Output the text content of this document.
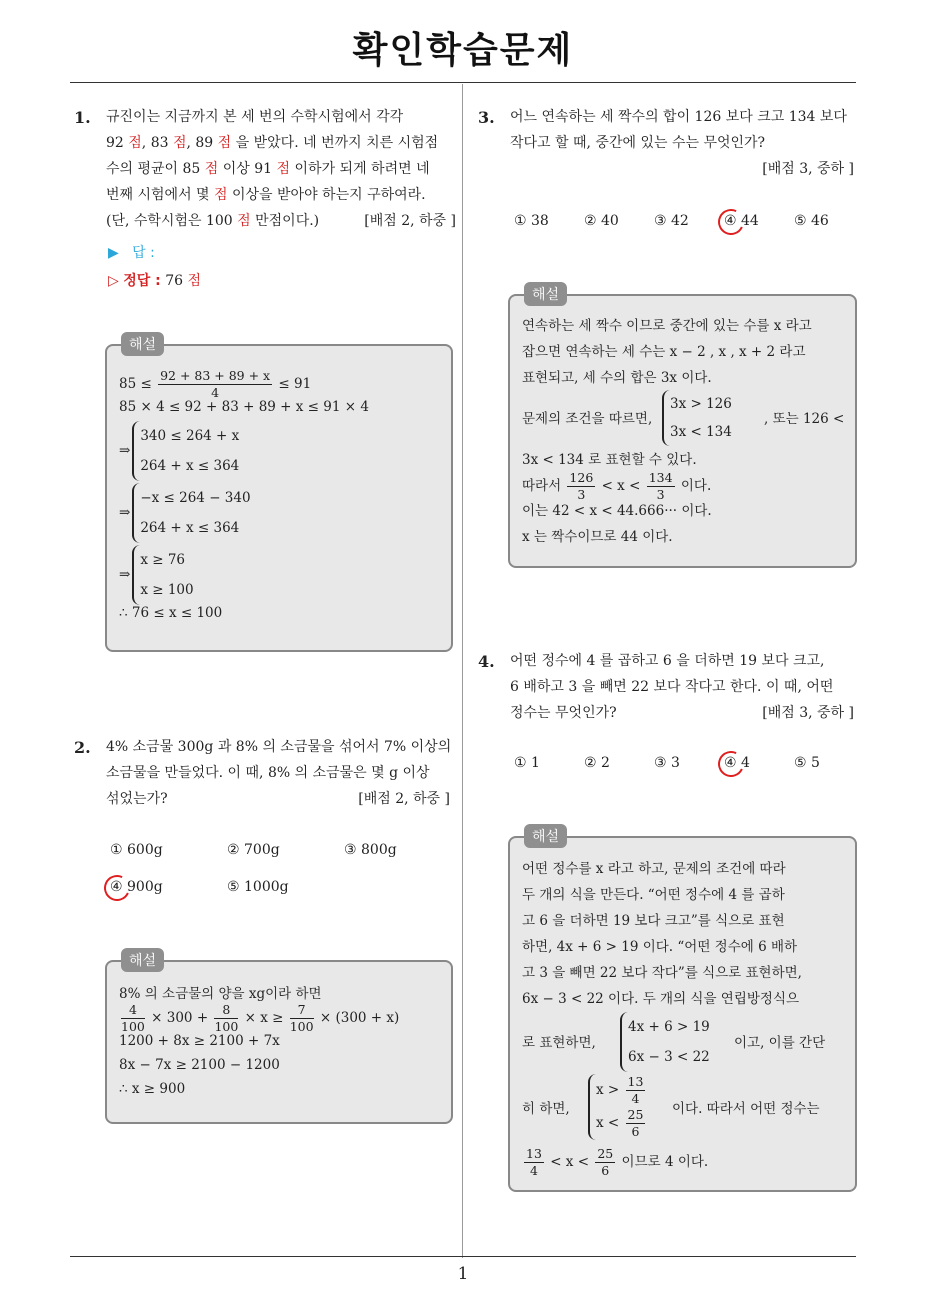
확인학습문제
1
1. 규진이는 지금까지 본 세 번의 수학시험에서 각각
92 점, 83 점, 89 점 을 받았다. 네 번까지 치른 시험점
수의 평균이 85 점 이상 91 점 이하가 되게 하려면 네
번째 시험에서 몇 점 이상을 받아야 하는지 구하여라.
(단, 수학시험은 100 점 만점이다.)	[배점 2, 하중 ]
▶ 답 :
▷ 정답 : 76 점
해설
$85 \le \frac{92 + 83 + 89 + x}{4} \le 91$
85 × 4 ≤ 92 + 83 + 89 + x ≤ 91 × 4
⇒
340 ≤ 264 + x
264 + x ≤ 364
⇒
−x ≤ 264 − 340
264 + x ≤ 364
⇒
x ≥ 76
x ≥ 100
∴ 76 ≤ x ≤ 100
2. 4% 소금물 300g 과 8% 의 소금물을 섞어서 7% 이상의
소금물을 만들었다. 이 때, 8% 의 소금물은 몇 g 이상
섞었는가?	[배점 2, 하중 ]
① 600g	② 700g	③ 800g
④ 900g	⑤ 1000g
해설
8% 의 소금물의 양을 xg이라 하면
$\frac{4}{100} \times 300 + \frac{8}{100} \times x \ge \frac{7}{100} \times (300 + x)$
1200 + 8x ≥ 2100 + 7x
8x − 7x ≥ 2100 − 1200
∴ x ≥ 900
3. 어느 연속하는 세 짝수의 합이 126 보다 크고 134 보다
작다고 할 때, 중간에 있는 수는 무엇인가?
[배점 3, 중하 ]
① 38	② 40	③ 42	④ 44	⑤ 46
해설
연속하는 세 짝수 이므로 중간에 있는 수를 x 라고
잡으면 연속하는 세 수는 x − 2 , x , x + 2 라고
표현되고, 세 수의 합은 3x 이다.
문제의 조건을 따르면,
3x > 126
3x < 134
, 또는 126 <
3x < 134 로 표현할 수 있다.
따라서 $\frac{126}{3} < x < \frac{134}{3}$ 이다.
이는 42 < x < 44.666··· 이다.
x 는 짝수이므로 44 이다.
4. 어떤 정수에 4 를 곱하고 6 을 더하면 19 보다 크고,
6 배하고 3 을 빼면 22 보다 작다고 한다. 이 때, 어떤
정수는 무엇인가?	[배점 3, 중하 ]
① 1	② 2	③ 3	④ 4	⑤ 5
해설
어떤 정수를 x 라고 하고, 문제의 조건에 따라
두 개의 식을 만든다. “어떤 정수에 4 를 곱하
고 6 을 더하면 19 보다 크고”를 식으로 표현
하면, 4x + 6 > 19 이다. “어떤 정수에 6 배하
고 3 을 빼면 22 보다 작다”를 식으로 표현하면,
6x − 3 < 22 이다. 두 개의 식을 연립방정식으
로 표현하면,
4x + 6 > 19
6x − 3 < 22
이고, 이를 간단
히 하면,
$x > \frac{13}{4}$
$x < \frac{25}{6}$ 이다. 따라서 어떤 정수는
$\frac{13}{4} < x < \frac{25}{6}$ 이므로 4 이다.
